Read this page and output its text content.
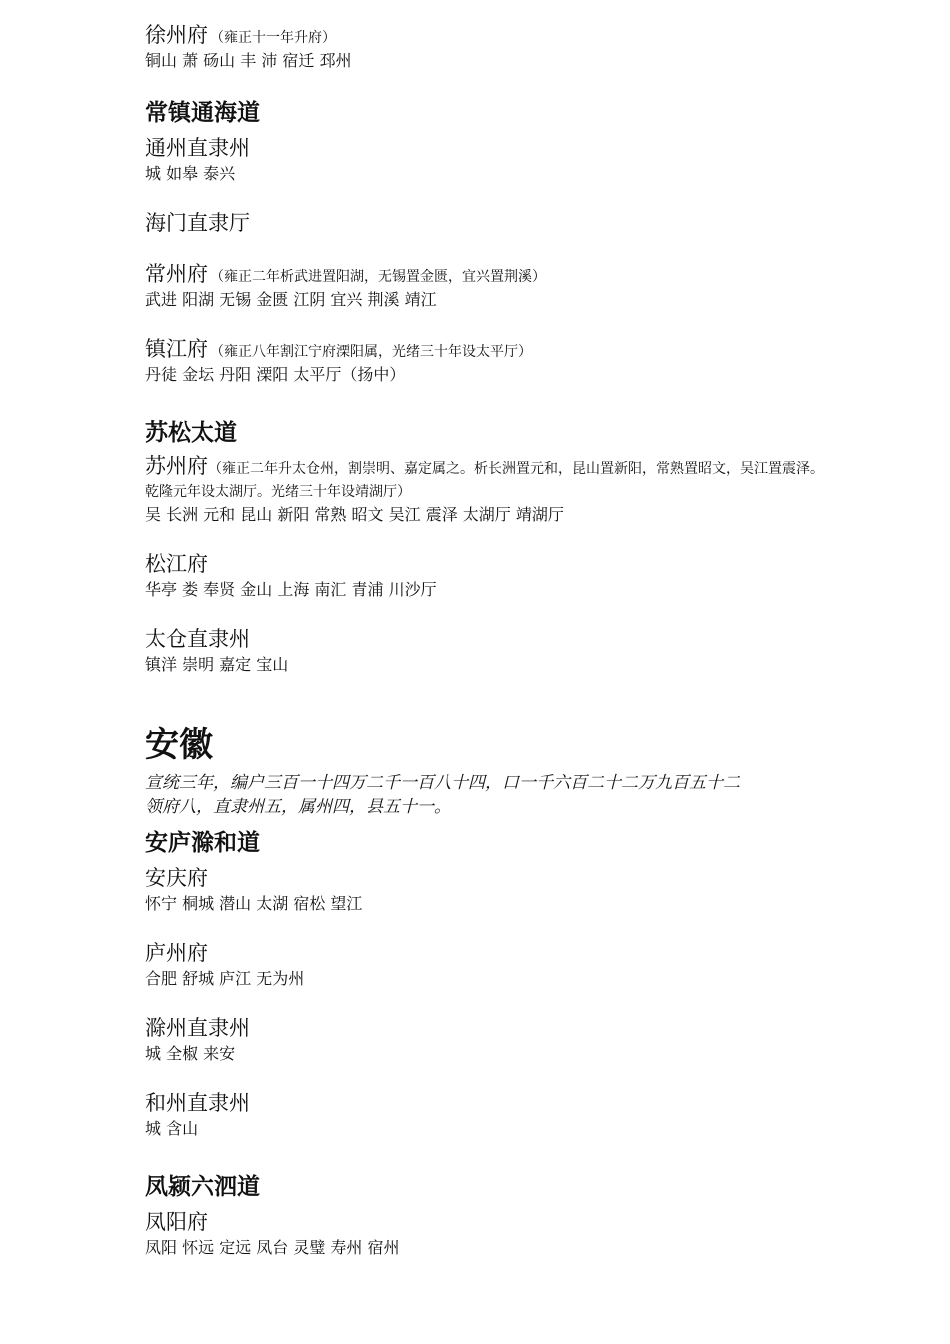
徐州府 （雍正十一年升府）
铜山 萧 砀山 丰 沛 宿迁 邳州
常镇通海道
通州直隶州
城 如皋 泰兴
海门直隶厅
常州府 （雍正二年析武进置阳湖，无锡置金匮，宜兴置荆溪）
武进 阳湖 无锡 金匮 江阴 宜兴 荆溪 靖江
镇江府 （雍正八年割江宁府溧阳属，光绪三十年设太平厅）
丹徒 金坛 丹阳 溧阳 太平厅（扬中）
苏松太道
苏州府（雍正二年升太仓州，割崇明、嘉定属之。析长洲置元和，昆山置新阳，常熟置昭文，吴江置震泽。乾隆元年设太湖厅。光绪三十年设靖湖厅）
吴 长洲 元和 昆山 新阳 常熟 昭文 吴江 震泽 太湖厅 靖湖厅
松江府
华亭 娄 奉贤 金山 上海 南汇 青浦 川沙厅
太仓直隶州
镇洋 崇明 嘉定 宝山
安徽
宣统三年，编户三百一十四万二千一百八十四，口一千六百二十二万九百五十二
领府八，直隶州五，属州四，县五十一。
安庐滁和道
安庆府
怀宁 桐城 潜山 太湖 宿松 望江
庐州府
合肥 舒城 庐江 无为州
滁州直隶州
城 全椒 来安
和州直隶州
城 含山
凤颍六泗道
凤阳府
凤阳 怀远 定远 凤台 灵璧 寿州 宿州
